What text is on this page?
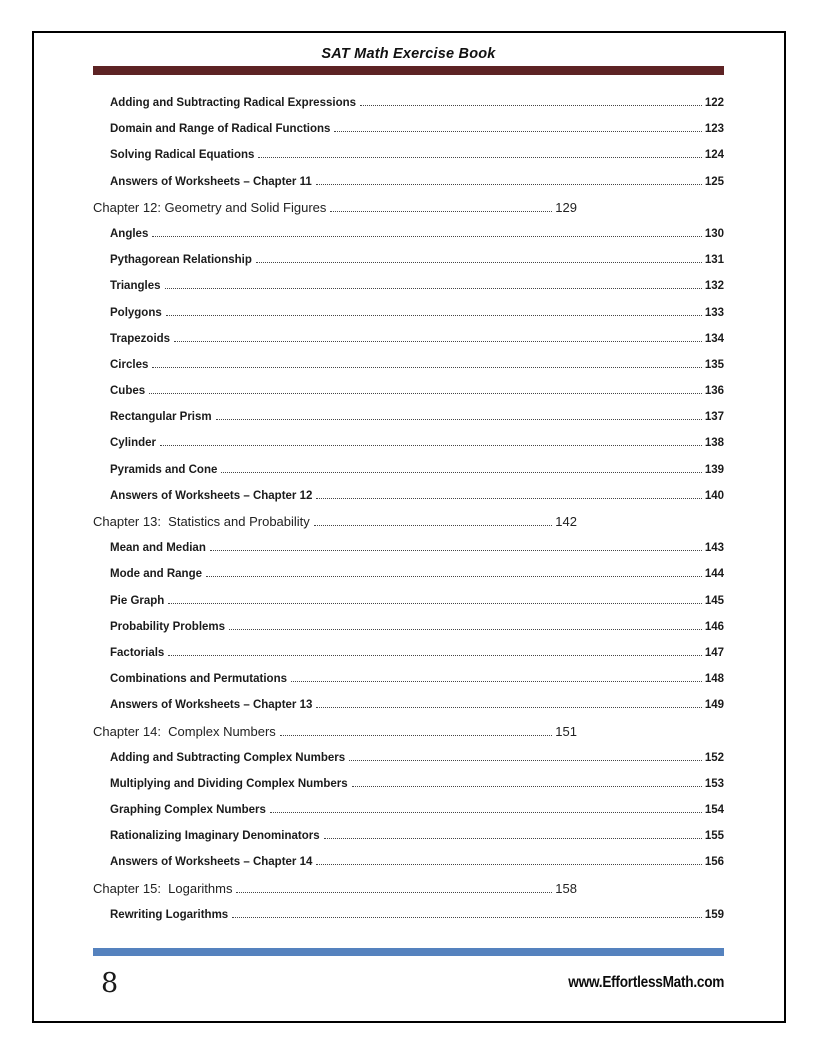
SAT Math Exercise Book
Adding and Subtracting Radical Expressions	122
Domain and Range of Radical Functions	123
Solving Radical Equations	124
Answers of Worksheets – Chapter 11	125
Chapter 12: Geometry and Solid Figures	129
Angles	130
Pythagorean Relationship	131
Triangles	132
Polygons	133
Trapezoids	134
Circles	135
Cubes	136
Rectangular Prism	137
Cylinder	138
Pyramids and Cone	139
Answers of Worksheets – Chapter 12	140
Chapter 13:  Statistics and Probability	142
Mean and Median	143
Mode and Range	144
Pie Graph	145
Probability Problems	146
Factorials	147
Combinations and Permutations	148
Answers of Worksheets – Chapter 13	149
Chapter 14:  Complex Numbers	151
Adding and Subtracting Complex Numbers	152
Multiplying and Dividing Complex Numbers	153
Graphing Complex Numbers	154
Rationalizing Imaginary Denominators	155
Answers of Worksheets – Chapter 14	156
Chapter 15:  Logarithms	158
Rewriting Logarithms	159
8	www.EffortlessMath.com
